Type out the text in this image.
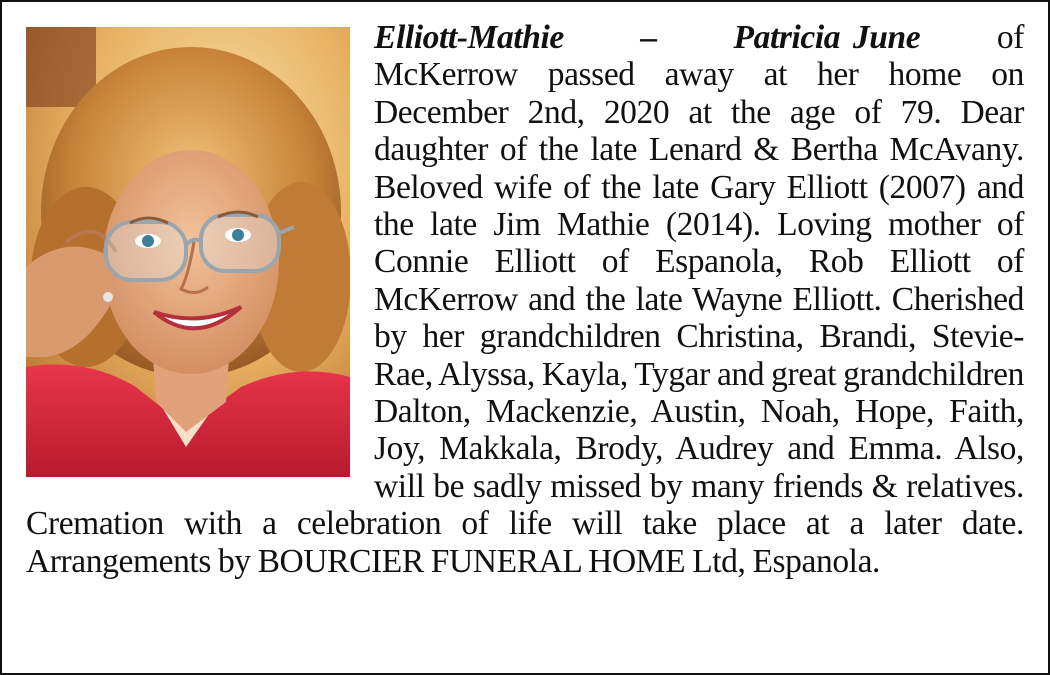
Elliott-Mathie – Patricia June of McKerrow passed away at her home on December 2nd, 2020 at the age of 79. Dear daughter of the late Lenard & Bertha McAvany. Beloved wife of the late Gary Elliott (2007) and the late Jim Mathie (2014). Loving mother of Connie Elliott of Espanola, Rob Elliott of McKerrow and the late Wayne Elliott. Cherished by her grandchildren Christina, Brandi, Stevie-Rae, Alyssa, Kayla, Tygar and great grandchildren Dalton, Mackenzie, Austin, Noah, Hope, Faith, Joy, Makkala, Brody, Audrey and Emma. Also, will be sadly missed by many friends & relatives. Cremation with a celebration of life will take place at a later date. Arrangements by BOURCIER FUNERAL HOME Ltd, Espanola.
